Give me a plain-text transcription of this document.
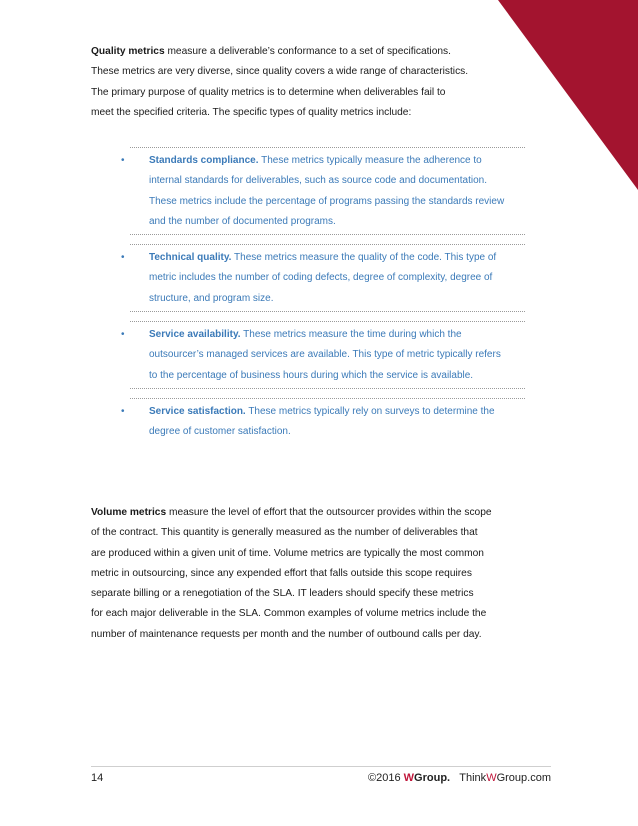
Quality metrics measure a deliverable’s conformance to a set of specifications.

These metrics are very diverse, since quality covers a wide range of characteristics.

The primary purpose of quality metrics is to determine when deliverables fail to

meet the specified criteria. The specific types of quality metrics include:

• Standards compliance. These metrics typically measure the adherence to

internal standards for deliverables, such as source code and documentation.

These metrics include the percentage of programs passing the standards review

and the number of documented programs.

• Technical quality. These metrics measure the quality of the code. This type of

metric includes the number of coding defects, degree of complexity, degree of

structure, and program size.

• Service availability. These metrics measure the time during which the

outsourcer’s managed services are available. This type of metric typically refers

to the percentage of business hours during which the service is available.

• Service satisfaction. These metrics typically rely on surveys to determine the

degree of customer satisfaction.

Volume metrics measure the level of effort that the outsourcer provides within the scope

of the contract. This quantity is generally measured as the number of deliverables that

are produced within a given unit of time. Volume metrics are typically the most common

metric in outsourcing, since any expended effort that falls outside this scope requires

separate billing or a renegotiation of the SLA. IT leaders should specify these metrics

for each major deliverable in the SLA. Common examples of volume metrics include the

number of maintenance requests per month and the number of outbound calls per day.

14	©2016 WGroup. ThinkWGroup.com
